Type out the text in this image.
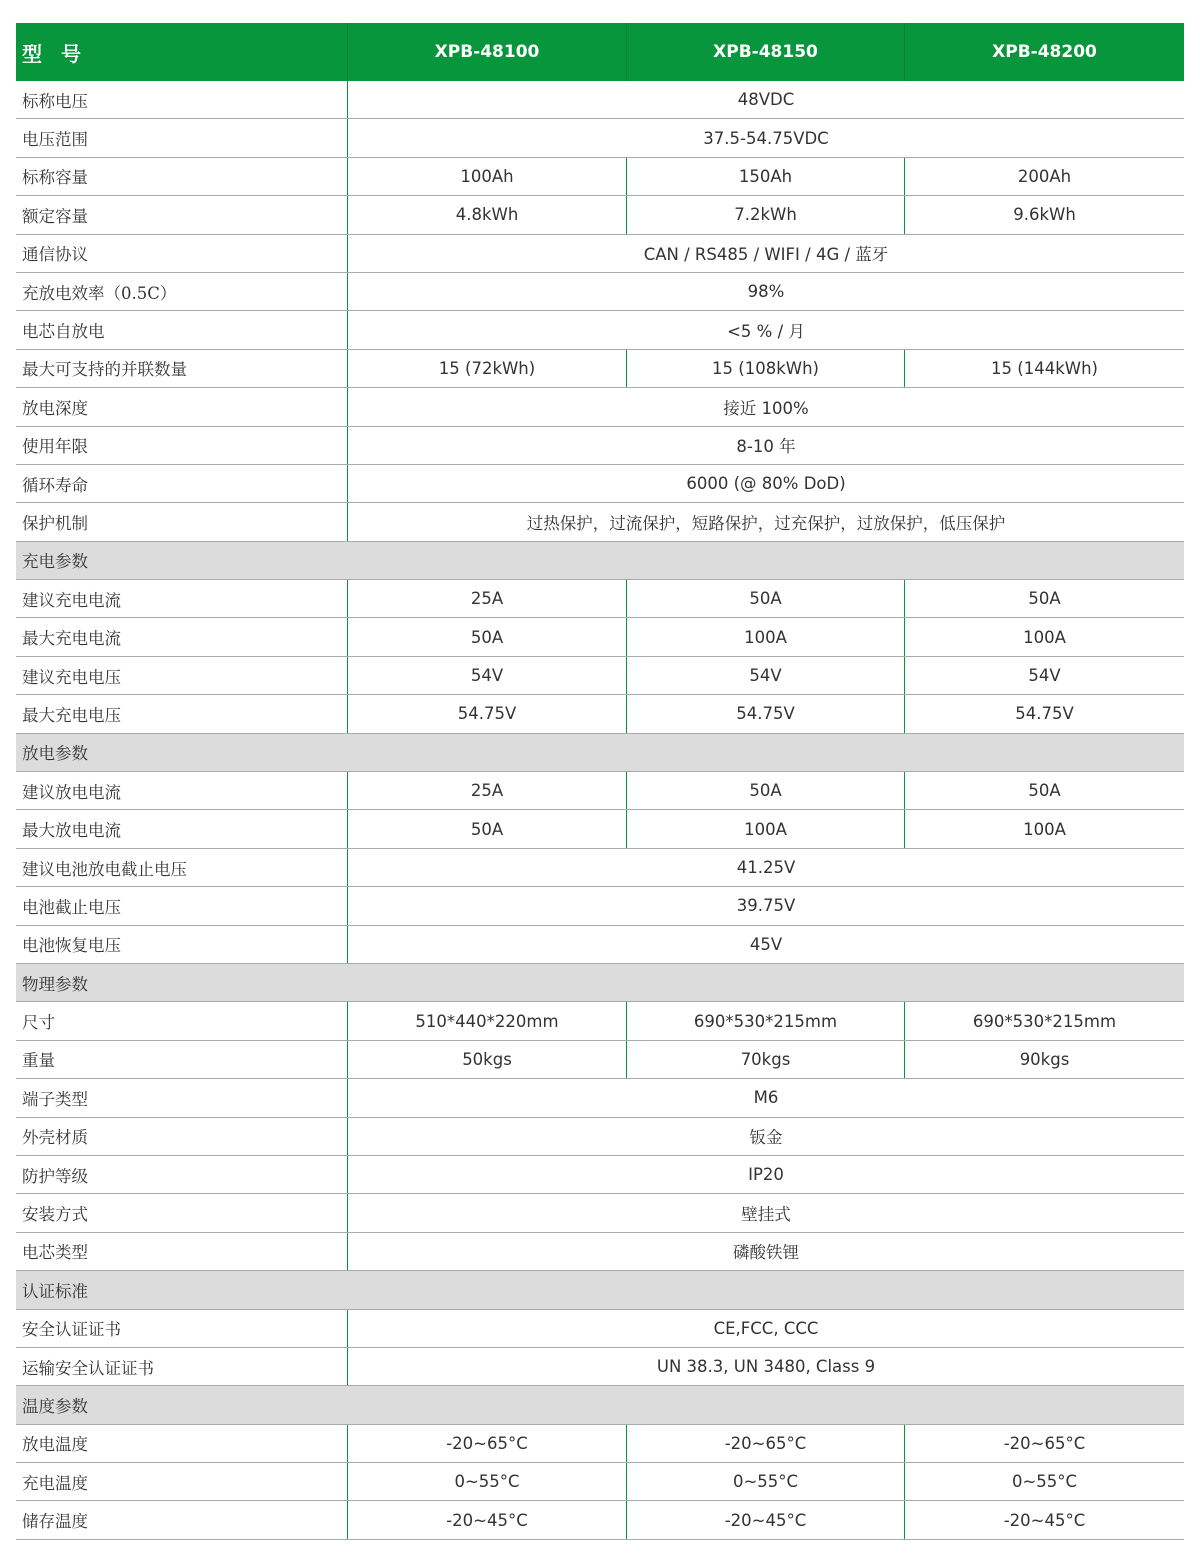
型 号	XPB-48100	XPB-48150	XPB-48200
标称电压	48VDC
电压范围	37.5-54.75VDC
标称容量	100Ah	150Ah	200Ah
额定容量	4.8kWh	7.2kWh	9.6kWh
通信协议	CAN / RS485 / WIFI / 4G / 蓝牙
充放电效率（0.5C）	98%
电芯自放电	<5 % / 月
最大可支持的并联数量	15 (72kWh)	15 (108kWh)	15 (144kWh)
放电深度	接近 100%
使用年限	8-10 年
循环寿命	6000 (@ 80% DoD)
保护机制	过热保护，过流保护，短路保护，过充保护，过放保护，低压保护
充电参数
建议充电电流	25A	50A	50A
最大充电电流	50A	100A	100A
建议充电电压	54V	54V	54V
最大充电电压	54.75V	54.75V	54.75V
放电参数
建议放电电流	25A	50A	50A
最大放电电流	50A	100A	100A
建议电池放电截止电压	41.25V
电池截止电压	39.75V
电池恢复电压	45V
物理参数
尺寸	510*440*220mm	690*530*215mm	690*530*215mm
重量	50kgs	70kgs	90kgs
端子类型	M6
外壳材质	钣金
防护等级	IP20
安装方式	壁挂式
电芯类型	磷酸铁锂
认证标准
安全认证证书	CE,FCC, CCC
运输安全认证证书	UN 38.3, UN 3480, Class 9
温度参数
放电温度	-20~65°C	-20~65°C	-20~65°C
充电温度	0~55°C	0~55°C	0~55°C
储存温度	-20~45°C	-20~45°C	-20~45°C
